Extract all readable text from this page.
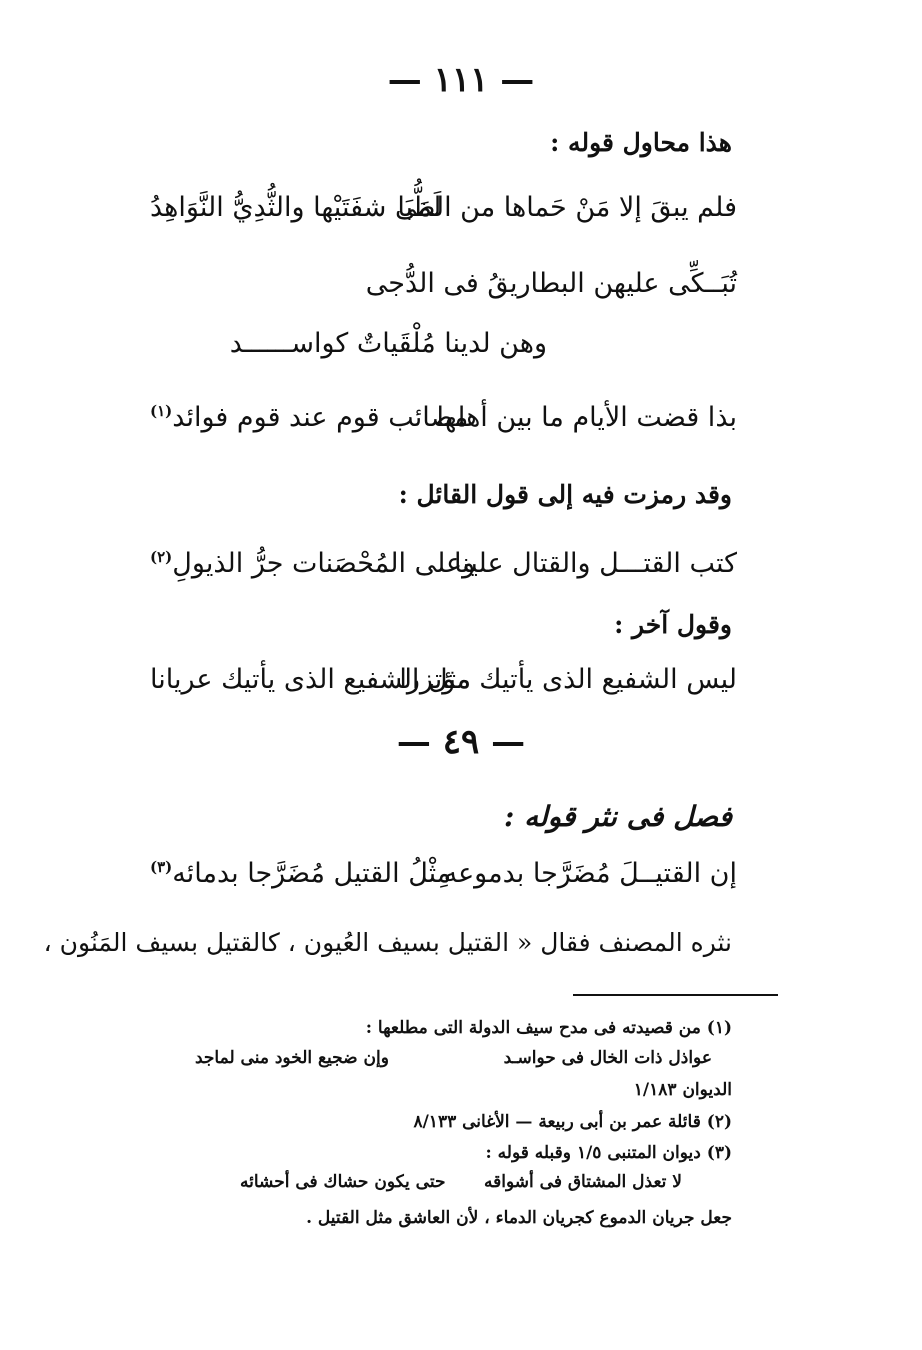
— ١١١ —
هذا محاول قوله :
فلم يبقَ إلا مَنْ حَماها من الظُّبَا
لَمَى شفَتَيْها والثُّدِيُّ النَّوَاهِدُ
تُبَــكِّى عليهن البطاريقُ فى الدُّجى
وهن لدينا مُلْقَياتٌ كواســــــد
بذا قضت الأيام ما بين أهلها
مصائب قوم عند قوم فوائد$^{(١)}$
وقد رمزت فيه إلى قول القائل :
كتب القتـــل والقتال علينا
وعلى المُحْصَنات جرُّ الذيولِ$^{(٢)}$
وقول آخر :
ليس الشفيع الذى يأتيك مؤتزرا
مثل الشفيع الذى يأتيك عريانا
— ٤٩ —
فصل فى نثر قوله :
إن القتيــلَ مُضَرَّجا بدموعه
مِثْلُ القتيل مُضَرَّجا بدمائه$^{(٣)}$
نثره المصنف فقال « القتيل بسيف العُيون ، كالقتيل بسيف المَنُون ،
(١) من قصيدته فى مدح سيف الدولة التى مطلعها :
عواذل ذات الخال فى حواسـد
وإن ضجيع الخود منى لماجد
الديوان ١/١٨٣
(٢) قائلة عمر بن أبى ربيعة — الأغانى ٨/١٣٣
(٣) ديوان المتنبى ١/٥ وقبله قوله :
لا تعذل المشتاق فى أشواقه
حتى يكون حشاك فى أحشائه
جعل جريان الدموع كجريان الدماء ، لأن العاشق مثل القتيل .
